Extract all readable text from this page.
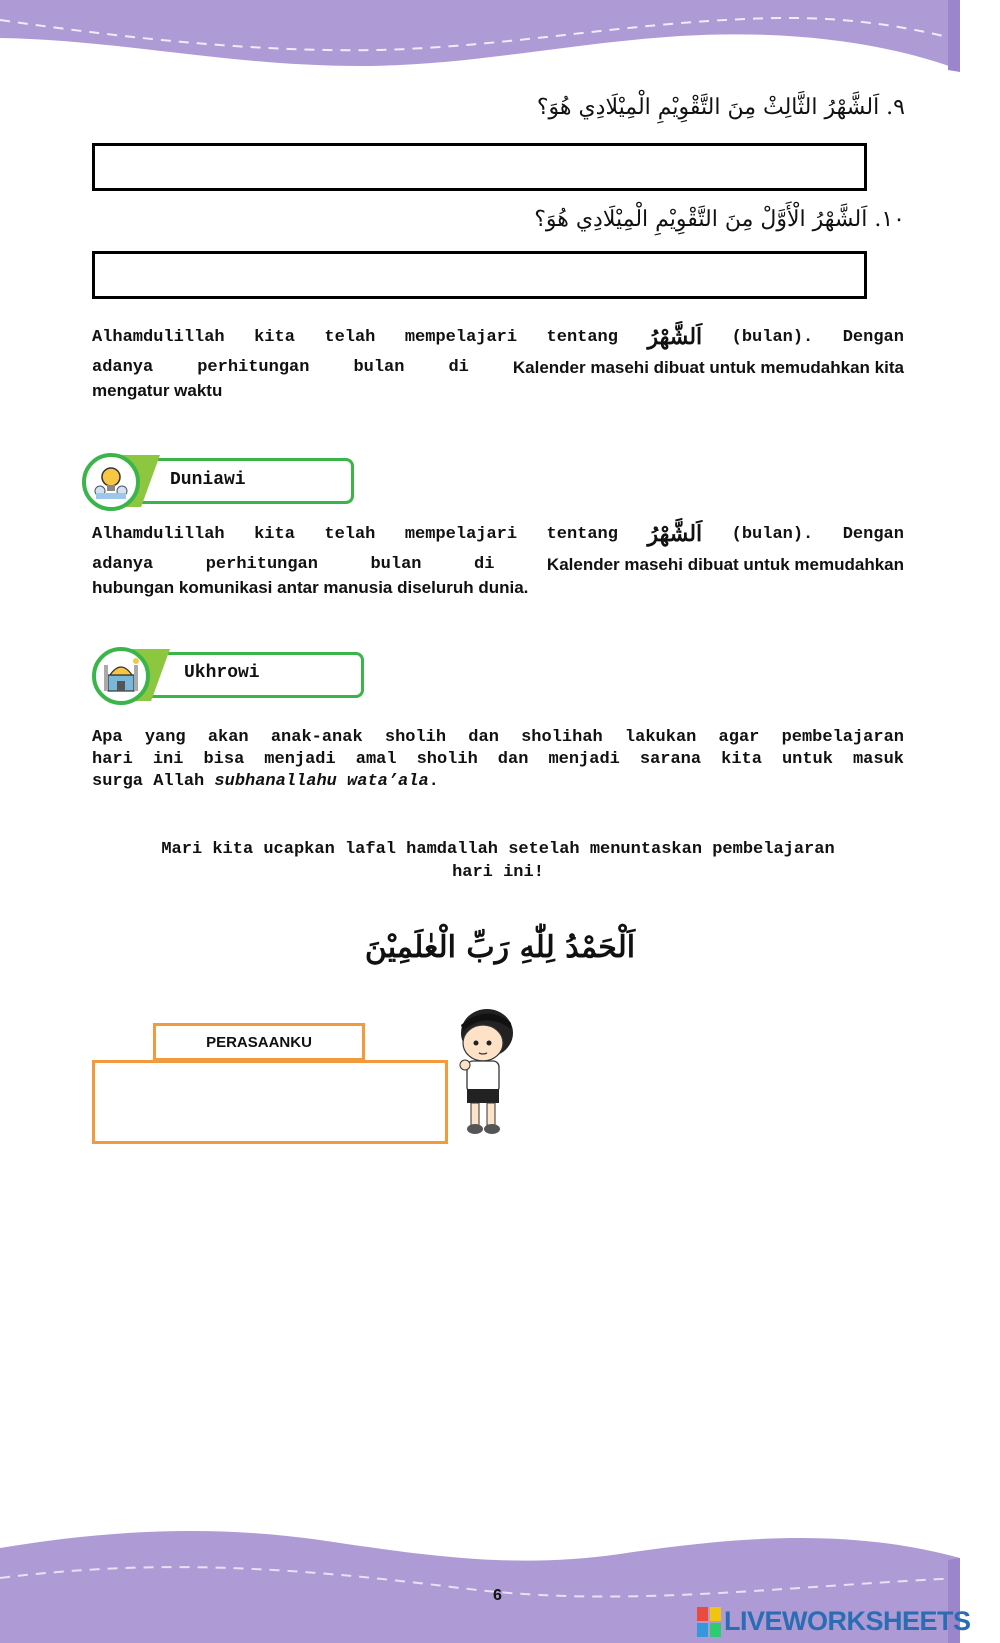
٩. اَلشَّهْرُ الثَّالِثْ مِنَ التَّقْوِيْمِ الْمِيْلَادِي هُوَ؟
١٠. اَلشَّهْرُ الْأَوَّلْ مِنَ التَّقْوِيْمِ الْمِيْلَادِي هُوَ؟
Alhamdulillah kita telah mempelajari tentang اَلشَّهْرُ (bulan). Dengan
adanya	perhitungan	bulan	di	Kalender masehi dibuat untuk memudahkan kita
mengatur waktu
Duniawi
Alhamdulillah kita telah mempelajari tentang اَلشَّهْرُ (bulan). Dengan
adanya	perhitungan	bulan	di	Kalender masehi dibuat untuk memudahkan
hubungan komunikasi antar manusia diseluruh dunia.
Ukhrowi
Apa yang akan anak-anak sholih dan sholihah lakukan agar pembelajaran
hari ini bisa menjadi amal sholih dan menjadi sarana kita untuk masuk
surga Allah subhanallahu wata’ala.
Mari kita ucapkan lafal hamdallah setelah menuntaskan pembelajaran
hari ini!
اَلْحَمْدُ لِلّٰهِ رَبِّ الْعٰلَمِيْنَ
PERASAANKU
6
LIVEWORKSHEETS
